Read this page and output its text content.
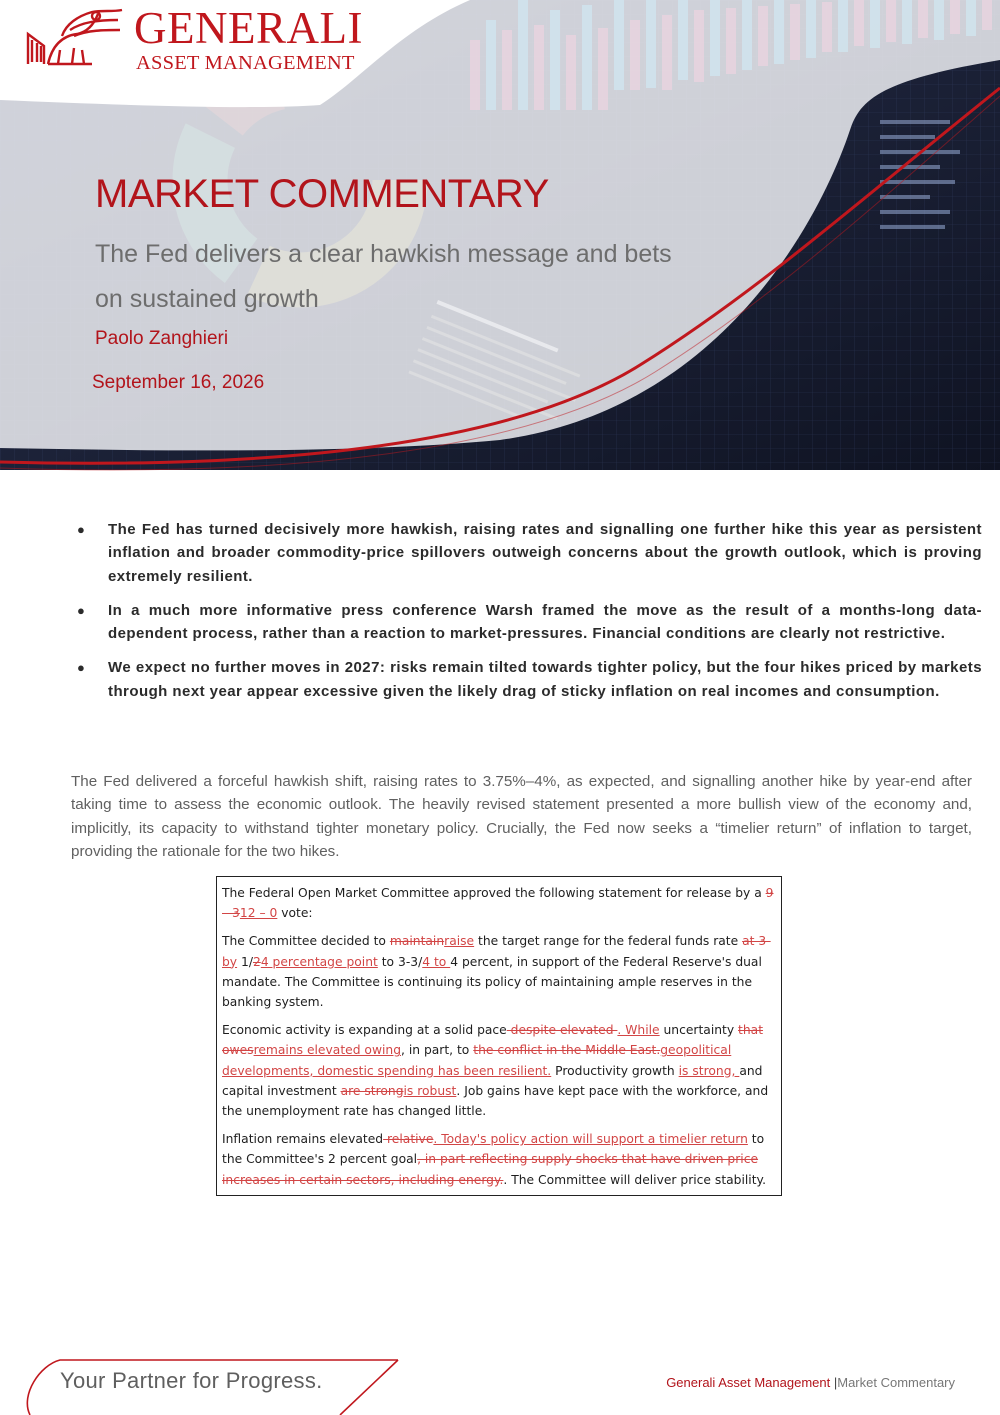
GENERALI
ASSET MANAGEMENT
MARKET COMMENTARY
The Fed delivers a clear hawkish message and bets on sustained growth
Paolo Zanghieri
September 16, 2026
● The Fed has turned decisively more hawkish, raising rates and signalling one further hike this year as persistent inflation and broader commodity-price spillovers outweigh concerns about the growth outlook, which is proving extremely resilient.
● In a much more informative press conference Warsh framed the move as the result of a months-long data-dependent process, rather than a reaction to market-pressures. Financial conditions are clearly not restrictive.
● We expect no further moves in 2027: risks remain tilted towards tighter policy, but the four hikes priced by markets through next year appear excessive given the likely drag of sticky inflation on real incomes and consumption.

The Fed delivered a forceful hawkish shift, raising rates to 3.75%–4%, as expected, and signalling another hike by year-end after taking time to assess the economic outlook. The heavily revised statement presented a more bullish view of the economy and, implicitly, its capacity to withstand tighter monetary policy. Crucially, the Fed now seeks a “timelier return” of inflation to target, providing the rationale for the two hikes.

The Federal Open Market Committee approved the following statement for release by a 9 – 312 – 0 vote:

The Committee decided to maintainraise the target range for the federal funds rate at 3-by 1/24 percentage point to 3-3/4 to 4 percent, in support of the Federal Reserve's dual mandate. The Committee is continuing its policy of maintaining ample reserves in the banking system.

Economic activity is expanding at a solid pace despite elevated . While uncertainty that owesremains elevated owing, in part, to the conflict in the Middle East.geopolitical developments, domestic spending has been resilient. Productivity growth is strong, and capital investment are strongis robust. Job gains have kept pace with the workforce, and the unemployment rate has changed little.

Inflation remains elevated relative. Today's policy action will support a timelier return to the Committee's 2 percent goal, in part reflecting supply shocks that have driven price increases in certain sectors, including energy.. The Committee will deliver price stability.

Your Partner for Progress.	Generali Asset Management |Market Commentary
